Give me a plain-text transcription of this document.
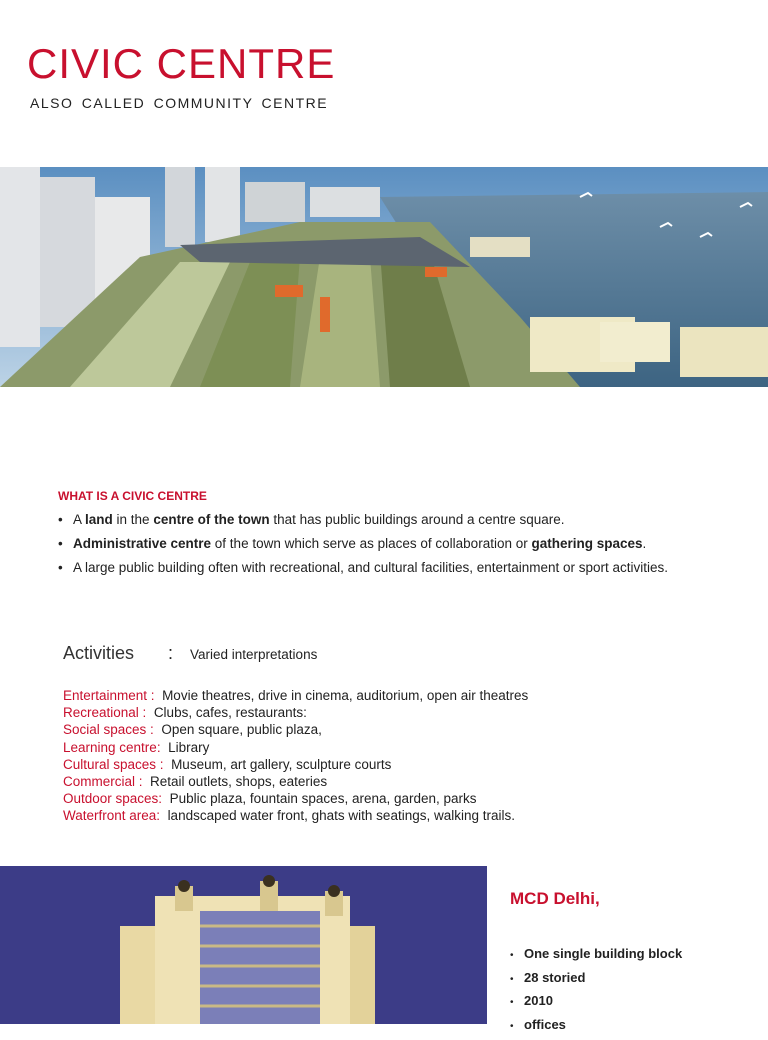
CIVIC CENTRE
ALSO CALLED COMMUNITY CENTRE
WHAT IS A CIVIC CENTRE
• A land in the centre of the town that has public buildings around a centre square.
• Administrative centre of the town which serve as places of collaboration or gathering spaces.
• A large public building often with recreational, and cultural facilities, entertainment or sport activities.
Activities : Varied interpretations
Entertainment : Movie theatres, drive in cinema, auditorium, open air theatres
Recreational : Clubs, cafes, restaurants:
Social spaces : Open square, public plaza,
Learning centre: Library
Cultural spaces : Museum, art gallery, sculpture courts
Commercial : Retail outlets, shops, eateries
Outdoor spaces: Public plaza, fountain spaces, arena, garden, parks
Waterfront area: landscaped water front, ghats with seatings, walking trails.
MCD Delhi,
• One single building block
• 28 storied
• 2010
• offices
